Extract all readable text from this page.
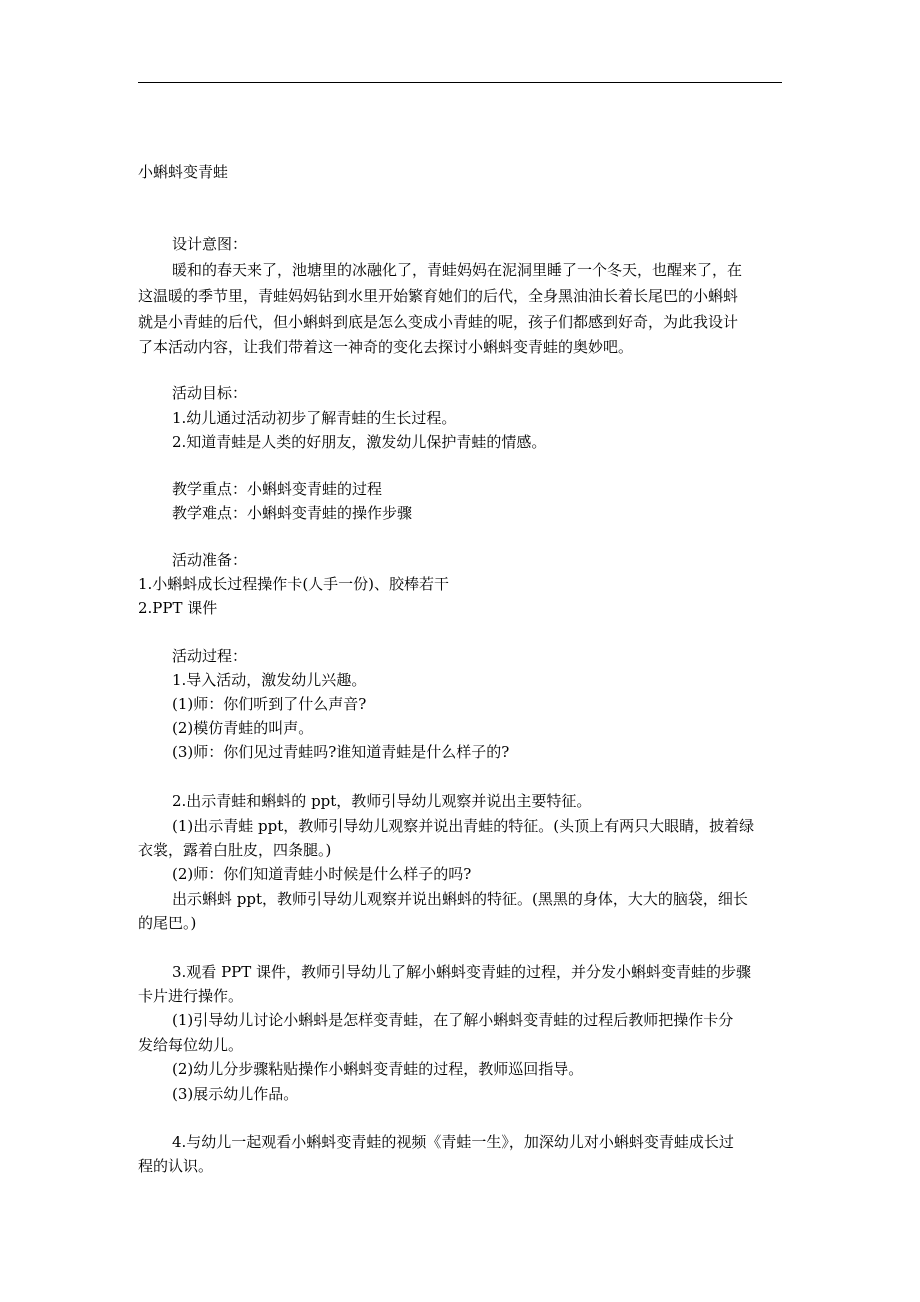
小蝌蚪变青蛙
设计意图：
暖和的春天来了，池塘里的冰融化了，青蛙妈妈在泥洞里睡了一个冬天，也醒来了，在
这温暖的季节里，青蛙妈妈钻到水里开始繁育她们的后代，全身黑油油长着长尾巴的小蝌蚪
就是小青蛙的后代，但小蝌蚪到底是怎么变成小青蛙的呢，孩子们都感到好奇，为此我设计
了本活动内容，让我们带着这一神奇的变化去探讨小蝌蚪变青蛙的奥妙吧。
活动目标：
1.幼儿通过活动初步了解青蛙的生长过程。
2.知道青蛙是人类的好朋友，激发幼儿保护青蛙的情感。
教学重点：小蝌蚪变青蛙的过程
教学难点：小蝌蚪变青蛙的操作步骤
活动准备：
1.小蝌蚪成长过程操作卡(人手一份)、胶棒若干
2.PPT 课件
活动过程：
1.导入活动，激发幼儿兴趣。
(1)师：你们听到了什么声音?
(2)模仿青蛙的叫声。
(3)师：你们见过青蛙吗?谁知道青蛙是什么样子的?
2.出示青蛙和蝌蚪的 ppt，教师引导幼儿观察并说出主要特征。
(1)出示青蛙 ppt，教师引导幼儿观察并说出青蛙的特征。(头顶上有两只大眼睛，披着绿
衣裳，露着白肚皮，四条腿。)
(2)师：你们知道青蛙小时候是什么样子的吗?
出示蝌蚪 ppt，教师引导幼儿观察并说出蝌蚪的特征。(黑黑的身体，大大的脑袋，细长
的尾巴。)
3.观看 PPT 课件，教师引导幼儿了解小蝌蚪变青蛙的过程，并分发小蝌蚪变青蛙的步骤
卡片进行操作。
(1)引导幼儿讨论小蝌蚪是怎样变青蛙，在了解小蝌蚪变青蛙的过程后教师把操作卡分
发给每位幼儿。
(2)幼儿分步骤粘贴操作小蝌蚪变青蛙的过程，教师巡回指导。
(3)展示幼儿作品。
4.与幼儿一起观看小蝌蚪变青蛙的视频《青蛙一生》，加深幼儿对小蝌蚪变青蛙成长过
程的认识。
